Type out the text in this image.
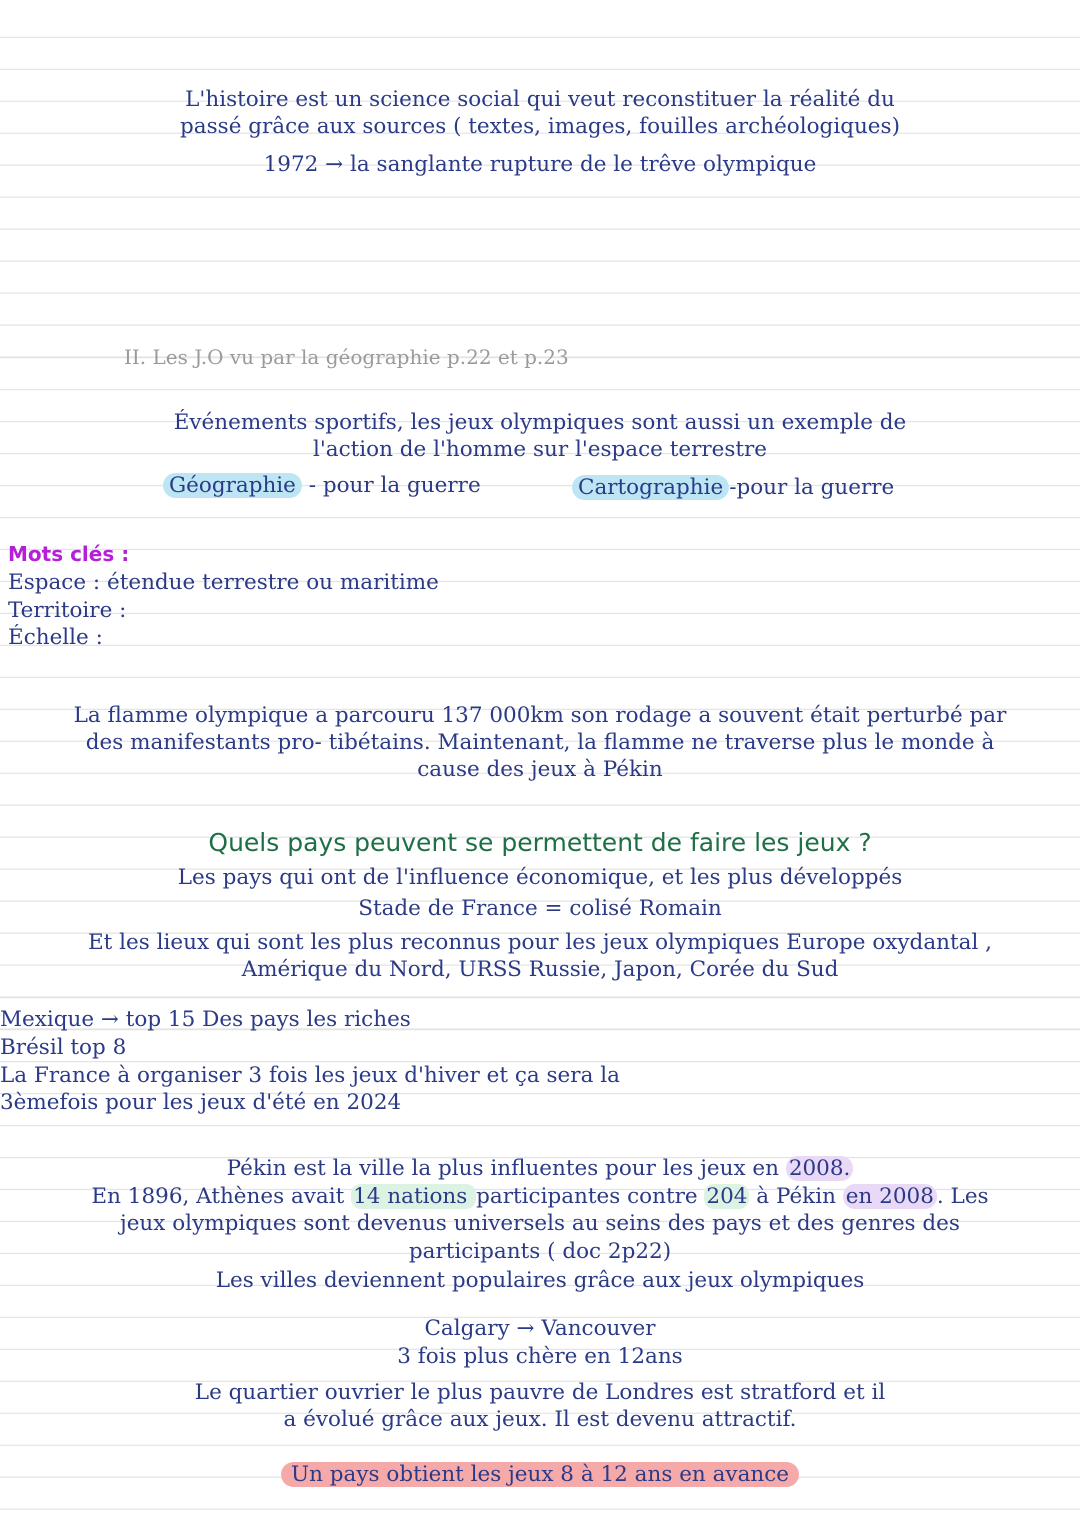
L'histoire est un science social qui veut reconstituer la réalité du

passé grâce aux sources ( textes, images, fouilles archéologiques)

1972 → la sanglante rupture de le trêve olympique

II. Les J.O vu par la géographie p.22 et p.23

Événements sportifs, les jeux olympiques sont aussi un exemple de

l'action de l'homme sur l'espace terrestre

Géographie - pour la guerre	Cartographie -pour la guerre

Mots clés :

Espace : étendue terrestre ou maritime

Territoire :

Échelle :

La flamme olympique a parcouru 137 000km son rodage a souvent était perturbé par

des manifestants pro- tibétains. Maintenant, la flamme ne traverse plus le monde à

cause des jeux à Pékin

Quels pays peuvent se permettent de faire les jeux ?

Les pays qui ont de l'influence économique, et les plus développés

Stade de France = colisé Romain

Et les lieux qui sont les plus reconnus pour les jeux olympiques Europe oxydantal ,

Amérique du Nord, URSS Russie, Japon, Corée du Sud

Mexique → top 15 Des pays les riches

Brésil top 8

La France à organiser 3 fois les jeux d'hiver et ça sera la

3èmefois pour les jeux d'été en 2024

Pékin est la ville la plus influentes pour les jeux en 2008.

En 1896, Athènes avait 14 nations participantes contre 204 à Pékin en 2008 . Les

jeux olympiques sont devenus universels au seins des pays et des genres des

participants ( doc 2p22)

Les villes deviennent populaires grâce aux jeux olympiques

Calgary → Vancouver

3 fois plus chère en 12ans

Le quartier ouvrier le plus pauvre de Londres est stratford et il

a évolué grâce aux jeux. Il est devenu attractif.

Un pays obtient les jeux 8 à 12 ans en avance
